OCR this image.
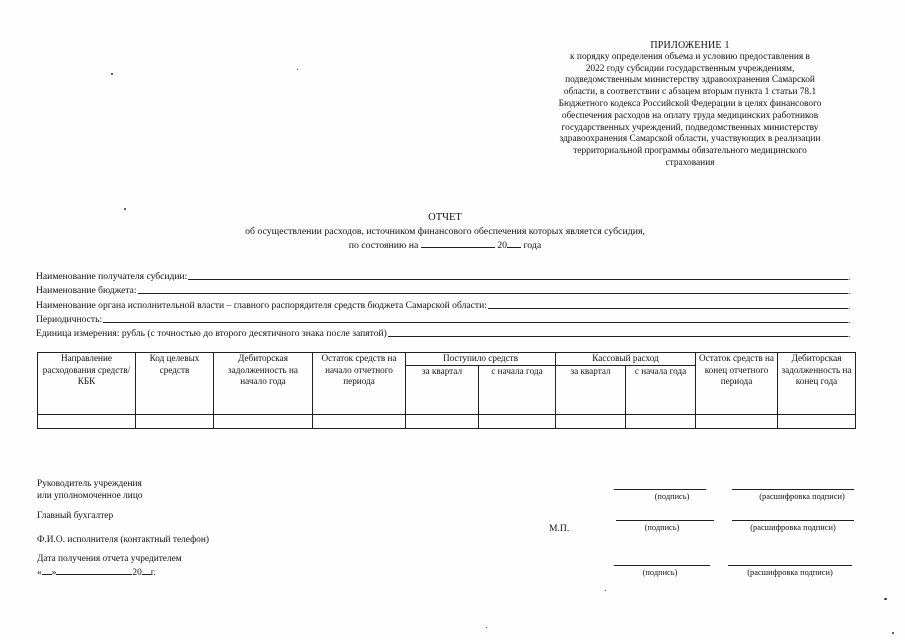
ПРИЛОЖЕНИЕ 1
к порядку определения объема и условию предоставления в
2022 году субсидии государственным учреждениям,
подведомственным министерству здравоохранения Самарской
области, в соответствии с абзацем вторым пункта 1 статьи 78.1
Бюджетного кодекса Российской Федерации в целях финансового
обеспечения расходов на оплату труда медицинских работников
государственных учреждений, подведомственных министерству
здравоохранения Самарской области, участвующих в реализации
территориальной программы обязательного медицинского
страхования
ОТЧЕТ
об осуществлении расходов, источником финансового обеспечения которых является субсидия,
по состоянию на	20 года
Наименование получателя субсидии:	.
Наименование бюджета:	.
Наименование органа исполнительной власти – главного распорядителя средств бюджета Самарской области:	.
Периодичность:	.
Единица измерения: рубль (с точностью до второго десятичного знака после запятой)	.
Направление расходования средств/КБК	Код целевых средств	Дебиторская задолженность на начало года	Остаток средств на начало отчетного периода	Поступило средств		Кассовый расход		Остаток средств на конец отчетного периода	Дебиторская задолженность на конец года
				за квартал	с начала года	за квартал	с начала года		

Руководитель учреждения
или уполномоченное лицо
Главный бухгалтер
Ф.И.О. исполнителя (контактный телефон)
(подпись)	(расшифровка подписи)
(подпись)	(расшифровка подписи)
М.П.
Дата получения отчета учредителем
« »	20 г.	(подпись)	(расшифровка подписи)
